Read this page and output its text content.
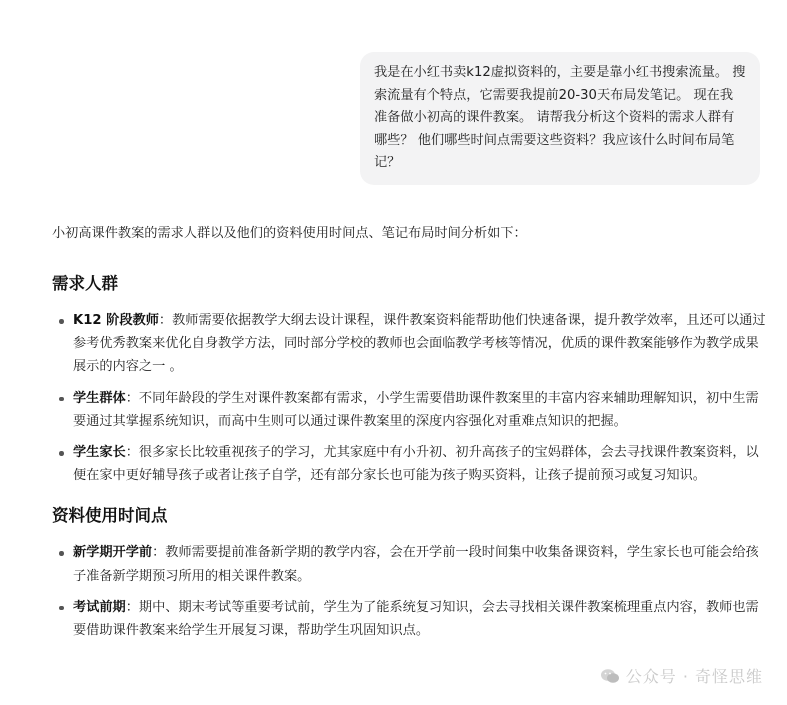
我是在小红书卖k12虚拟资料的，主要是靠小红书搜索流量。 搜索流量有个特点，它需要我提前20-30天布局发笔记。 现在我准备做小初高的课件教案。 请帮我分析这个资料的需求人群有哪些？ 他们哪些时间点需要这些资料？我应该什么时间布局笔记？
小初高课件教案的需求人群以及他们的资料使用时间点、笔记布局时间分析如下：
需求人群
K12 阶段教师：教师需要依据教学大纲去设计课程，课件教案资料能帮助他们快速备课，提升教学效率，且还可以通过参考优秀教案来优化自身教学方法，同时部分学校的教师也会面临教学考核等情况，优质的课件教案能够作为教学成果展示的内容之一 。
学生群体：不同年龄段的学生对课件教案都有需求，小学生需要借助课件教案里的丰富内容来辅助理解知识，初中生需要通过其掌握系统知识，而高中生则可以通过课件教案里的深度内容强化对重难点知识的把握。
学生家长：很多家长比较重视孩子的学习，尤其家庭中有小升初、初升高孩子的宝妈群体，会去寻找课件教案资料，以便在家中更好辅导孩子或者让孩子自学，还有部分家长也可能为孩子购买资料，让孩子提前预习或复习知识。
资料使用时间点
新学期开学前：教师需要提前准备新学期的教学内容，会在开学前一段时间集中收集备课资料，学生家长也可能会给孩子准备新学期预习所用的相关课件教案。
考试前期：期中、期末考试等重要考试前，学生为了能系统复习知识，会去寻找相关课件教案梳理重点内容，教师也需要借助课件教案来给学生开展复习课，帮助学生巩固知识点。
公众号 · 奇怪思维
